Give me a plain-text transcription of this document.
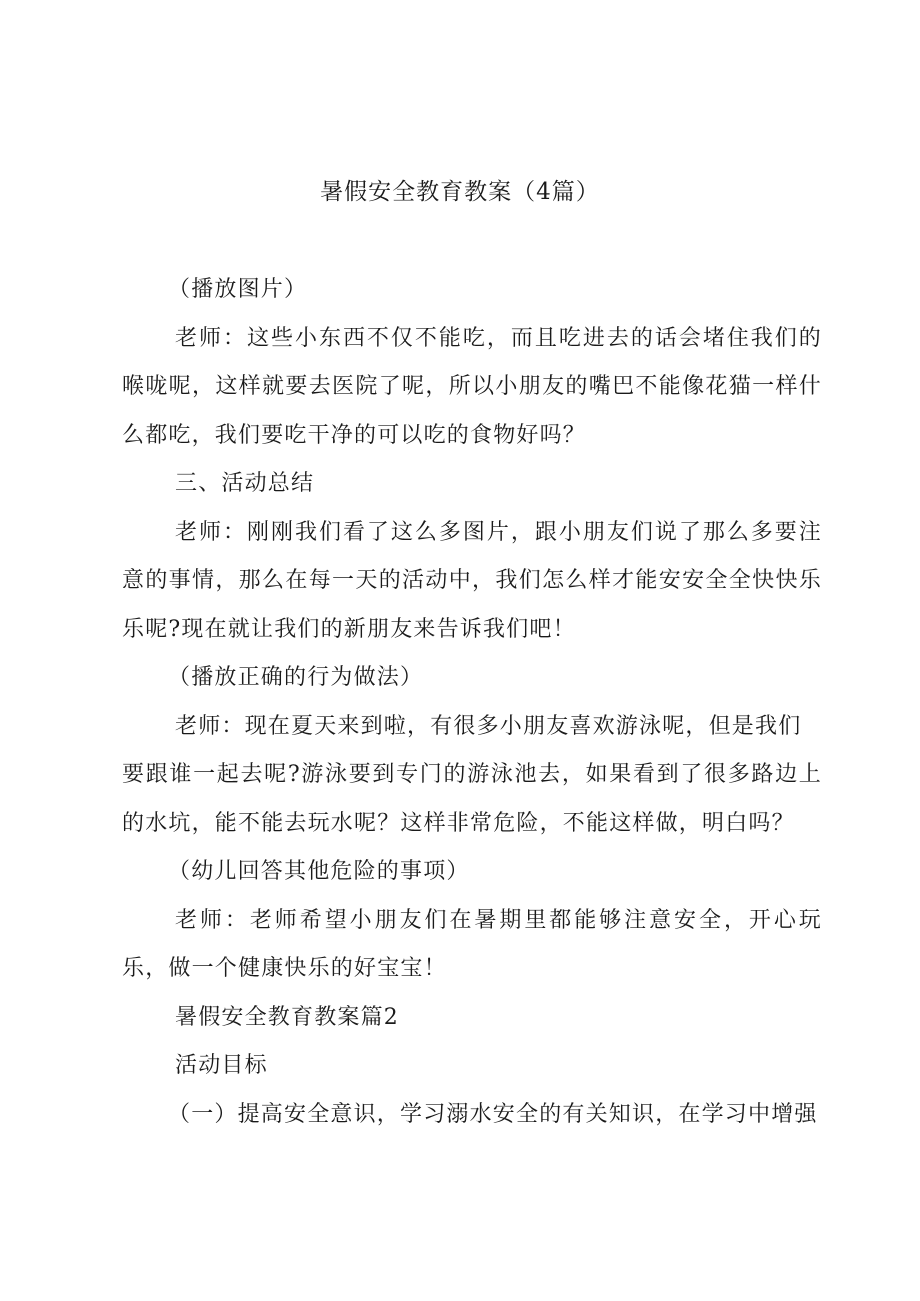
暑假安全教育教案（4篇）

（播放图片）

老师：这些小东西不仅不能吃，而且吃进去的话会堵住我们的喉咙呢，这样就要去医院了呢，所以小朋友的嘴巴不能像花猫一样什么都吃，我们要吃干净的可以吃的食物好吗？

三、活动总结

老师：刚刚我们看了这么多图片，跟小朋友们说了那么多要注意的事情，那么在每一天的活动中，我们怎么样才能安安全全快快乐乐呢?现在就让我们的新朋友来告诉我们吧！

（播放正确的行为做法）

老师：现在夏天来到啦，有很多小朋友喜欢游泳呢，但是我们

要跟谁一起去呢?游泳要到专门的游泳池去，如果看到了很多路边上的水坑，能不能去玩水呢？这样非常危险，不能这样做，明白吗？

（幼儿回答其他危险的事项）

老师：老师希望小朋友们在暑期里都能够注意安全，开心玩乐，做一个健康快乐的好宝宝！

暑假安全教育教案篇2

活动目标

（一）提高安全意识，学习溺水安全的有关知识，在学习中增强
